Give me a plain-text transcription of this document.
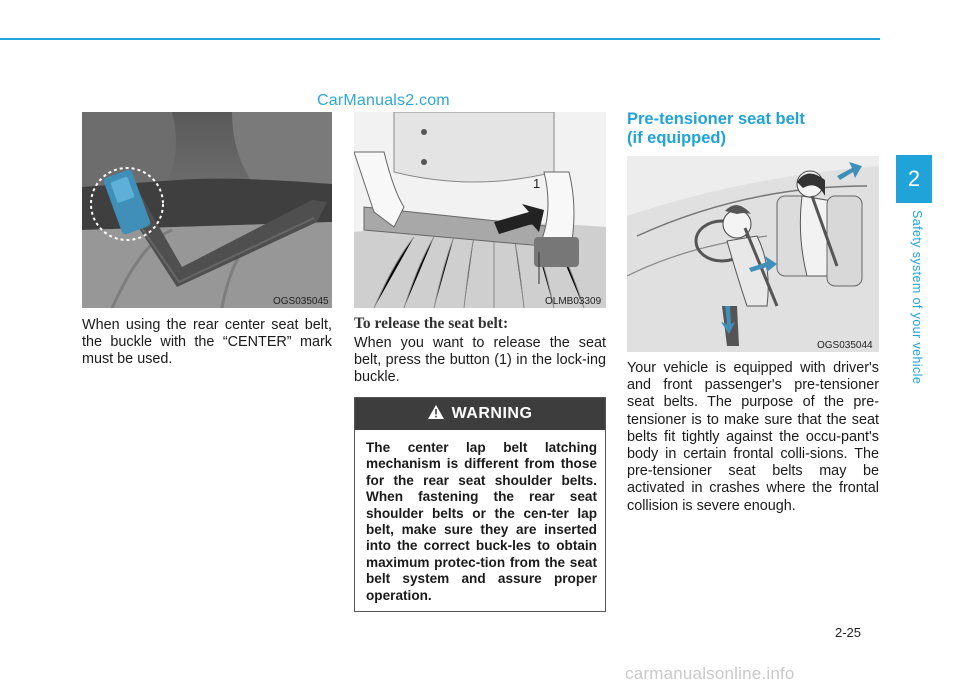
CarManuals2.com
OGS035045
1
OLMB03309
OGS035044
When using the rear center seat belt, the buckle with the “CENTER” mark must be used.
To release the seat belt:
When you want to release the seat belt, press the button (1) in the lock-ing buckle.
WARNING
The center lap belt latching mechanism is different from those for the rear seat shoulder belts. When fastening the rear seat shoulder belts or the cen-ter lap belt, make sure they are inserted into the correct buck-les to obtain maximum protec-tion from the seat belt system and assure proper operation.
Pre-tensioner seat belt
(if equipped)
Your vehicle is equipped with driver's and front passenger's pre-tensioner seat belts. The purpose of the pre-tensioner is to make sure that the seat belts fit tightly against the occu-pant's body in certain frontal colli-sions. The pre-tensioner seat belts may be activated in crashes where the frontal collision is severe enough.
2
Safety system of your vehicle
2-25
carmanualsonline.info
